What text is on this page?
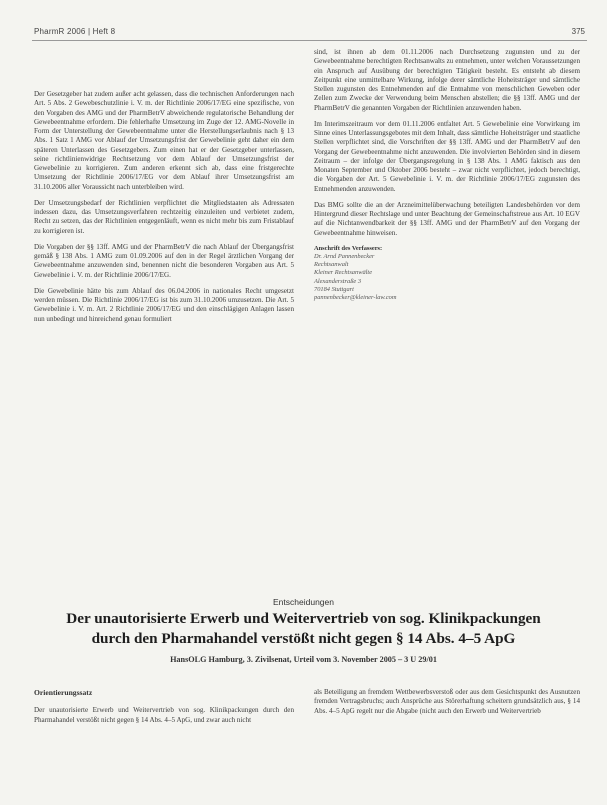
PharmR 2006 | Heft 8	375

Der Gesetzgeber hat zudem außer acht gelassen, dass die technischen Anforderungen nach Art. 5 Abs. 2 Gewebeschutzlinie i. V. m. der Richtlinie 2006/17/EG eine spezifische, von den Vorgaben des AMG und der PharmBetrV abweichende regulatorische Behandlung der Gewebeentnahme erfordern. Die fehlerhafte Umsetzung im Zuge der 12. AMG-Novelle in Form der Unterstellung der Gewebeentnahme unter die Herstellungserlaubnis nach § 13 Abs. 1 Satz 1 AMG vor Ablauf der Umsetzungsfrist der Gewebelinie geht daher ein dem späteren Unterlassen des Gesetzgebers. Zum einen hat er der Gesetzgeber unterlassen, seine richtlinienwidrige Rechtsetzung vor dem Ablauf der Umsetzungsfrist der Gewebelinie zu korrigieren. Zum anderen erkennt sich ab, dass eine fristgerechte Umsetzung der Richtlinie 2006/17/EG vor dem Ablauf ihrer Umsetzungsfrist am 31.10.2006 aller Voraussicht nach unterbleiben wird.

Der Umsetzungsbedarf der Richtlinien verpflichtet die Mitgliedstaaten als Adressaten indessen dazu, das Umsetzungsverfahren rechtzeitig einzuleiten und verbietet zudem, Recht zu setzen, das der Richtlinien entgegenläuft, wenn es nicht mehr bis zum Fristablauf zu korrigieren ist.

Die Vorgaben der §§ 13ff. AMG und der PharmBetrV die nach Ablauf der Übergangsfrist gemäß § 138 Abs. 1 AMG zum 01.09.2006 auf den in der Regel ärztlichen Vorgang der Gewebeentnahme anzuwenden sind, benennen nicht die besonderen Vorgaben aus Art. 5 Gewebelinie i. V. m. der Richtlinie 2006/17/EG.

Die Gewebelinie hätte bis zum Ablauf des 06.04.2006 in nationales Recht umgesetzt werden müssen. Die Richtlinie 2006/17/EG ist bis zum 31.10.2006 umzusetzen. Die Art. 5 Gewebelinie i. V. m. Art. 2 Richtlinie 2006/17/EG und den einschlägigen Anlagen lassen nun unbedingt und hinreichend genau formuliert

sind, ist ihnen ab dem 01.11.2006 nach Durchsetzung zugunsten und zu der Gewebeentnahme berechtigten Rechtsanwalts zu entnehmen, unter welchen Voraussetzungen ein Anspruch auf Ausübung der berechtigten Tätigkeit besteht. Es entsteht ab diesem Zeitpunkt eine unmittelbare Wirkung, infolge derer sämtliche Hoheitsträger und sämtliche Stellen zugunsten des Entnehmenden auf die Entnahme von menschlichen Geweben oder Zellen zum Zwecke der Verwendung beim Menschen abstellen; die §§ 13ff. AMG und der PharmBetrV die genannten Vorgaben der Richtlinien anzuwenden haben.

Im Interimszeitraum vor dem 01.11.2006 entfaltet Art. 5 Gewebelinie eine Vorwirkung im Sinne eines Unterlassungsgebotes mit dem Inhalt, dass sämtliche Hoheitsträger und staatliche Stellen verpflichtet sind, die Vorschriften der §§ 13ff. AMG und der PharmBetrV auf den Vorgang der Gewebeentnahme nicht anzuwenden. Die involvierten Behörden sind in diesem Zeitraum – der infolge der Übergangsregelung in § 138 Abs. 1 AMG faktisch aus den Monaten September und Oktober 2006 besteht – zwar nicht verpflichtet, jedoch berechtigt, die Vorgaben der Art. 5 Gewebelinie i. V. m. der Richtlinie 2006/17/EG zugunsten des Entnehmenden anzuwenden.

Das BMG sollte die an der Arzneimittelüberwachung beteiligten Landesbehörden vor dem Hintergrund dieser Rechtslage und unter Beachtung der Gemeinschaftstreue aus Art. 10 EGV auf die Nichtanwendbarkeit der §§ 13ff. AMG und der PharmBetrV auf den Vorgang der Gewebeentnahme hinweisen.

Anschrift des Verfassers:
Dr. Arnd Pannenbecker
Rechtsanwalt
Kleiner Rechtsanwälte
Alexanderstraße 3
70184 Stuttgart
pannenbecker@kleiner-law.com
Entscheidungen
Der unautorisierte Erwerb und Weitervertrieb von sog. Klinikpackungen
durch den Pharmahandel verstößt nicht gegen § 14 Abs. 4–5 ApG
HansOLG Hamburg, 3. Zivilsenat, Urteil vom 3. November 2005 – 3 U 29/01
Orientierungssatz
Der unautorisierte Erwerb und Weitervertrieb von sog. Klinikpackungen durch den Pharmahandel verstößt nicht gegen § 14 Abs. 4–5 ApG, und zwar auch nicht
als Beteiligung an fremdem Wettbewerbsverstoß oder aus dem Gesichtspunkt des Ausnutzen fremden Vertragsbruchs; auch Ansprüche aus Störerhaftung scheitern grundsätzlich aus, § 14 Abs. 4–5 ApG regelt nur die Abgabe (nicht auch den Erwerb und Weitervertrieb
